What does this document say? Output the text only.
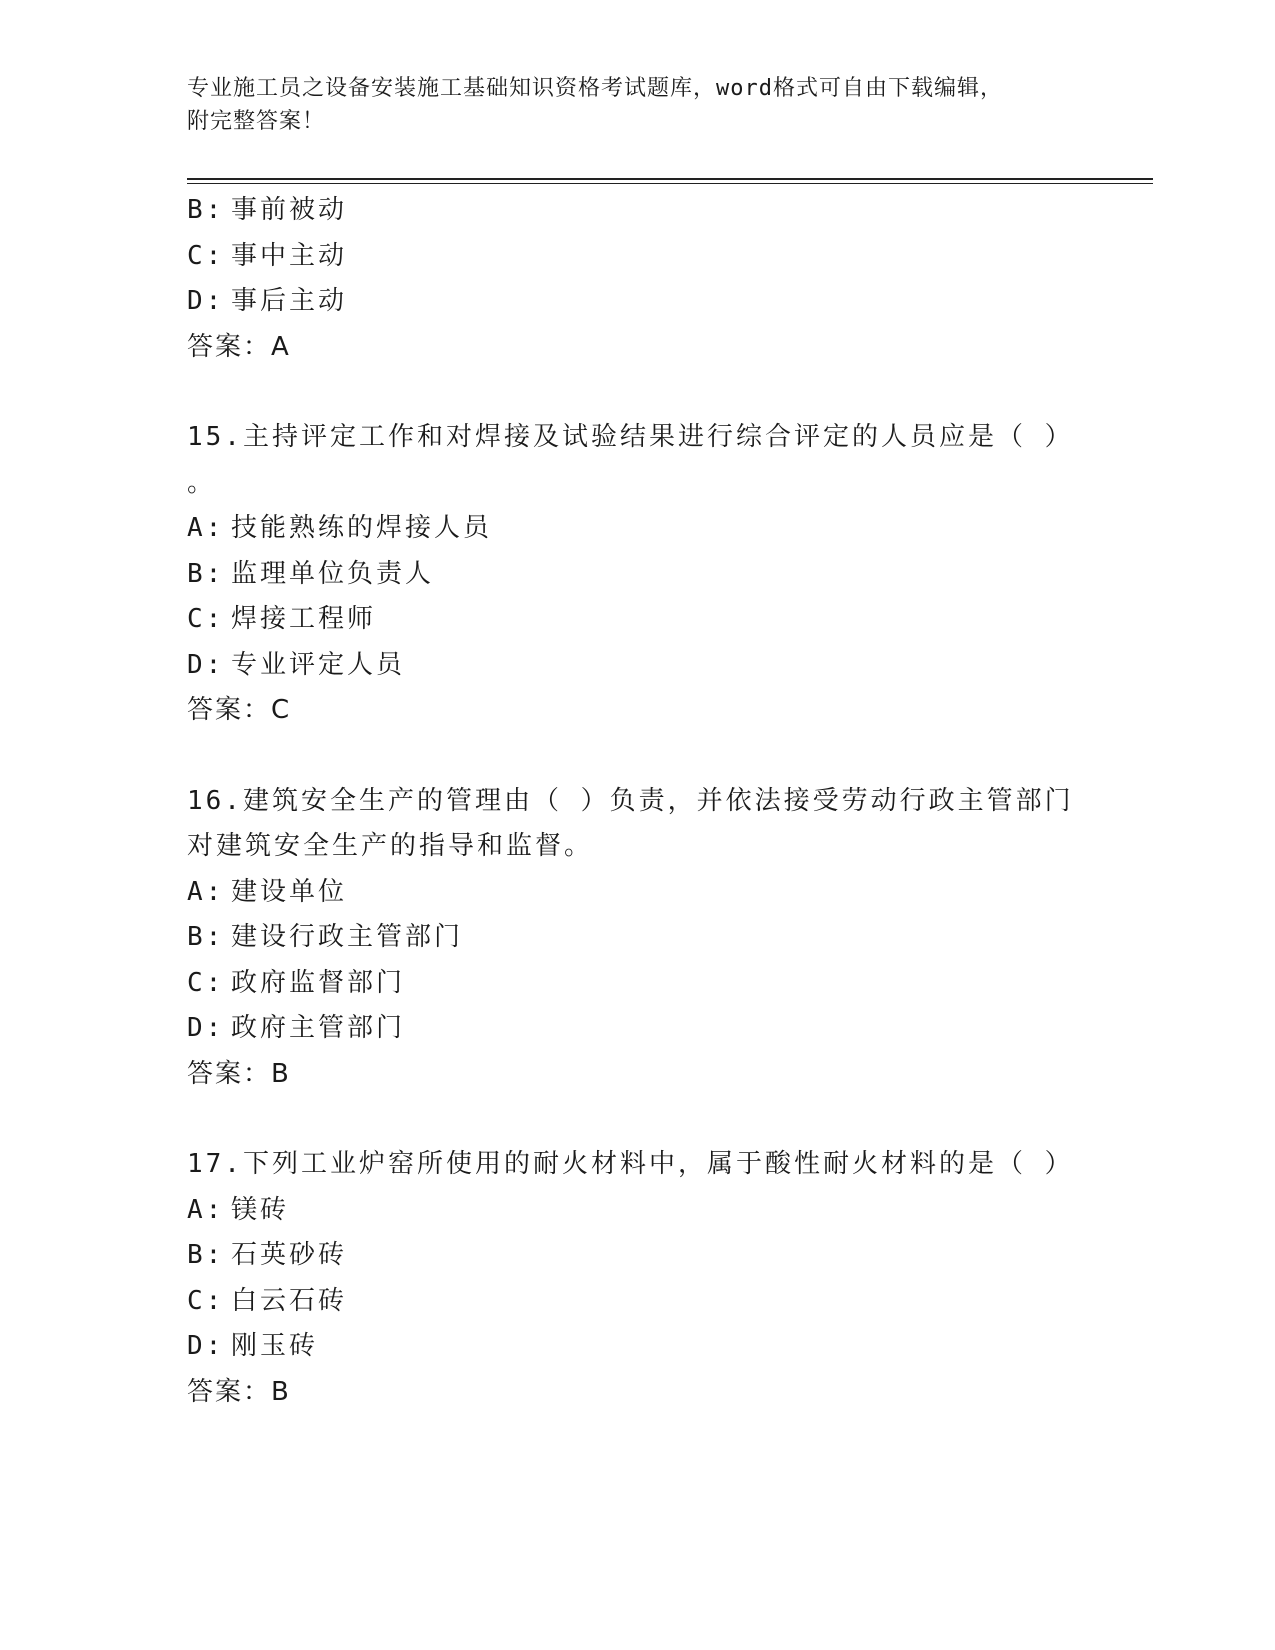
专业施工员之设备安装施工基础知识资格考试题库，word格式可自由下载编辑，
附完整答案！
B: 事前被动
C: 事中主动
D: 事后主动
答案：A
15.主持评定工作和对焊接及试验结果进行综合评定的人员应是（ ）
。
A: 技能熟练的焊接人员
B: 监理单位负责人
C: 焊接工程师
D: 专业评定人员
答案：C
16.建筑安全生产的管理由（ ）负责，并依法接受劳动行政主管部门
对建筑安全生产的指导和监督。
A: 建设单位
B: 建设行政主管部门
C: 政府监督部门
D: 政府主管部门
答案：B
17.下列工业炉窑所使用的耐火材料中，属于酸性耐火材料的是（ ）
A: 镁砖
B: 石英砂砖
C: 白云石砖
D: 刚玉砖
答案：B
